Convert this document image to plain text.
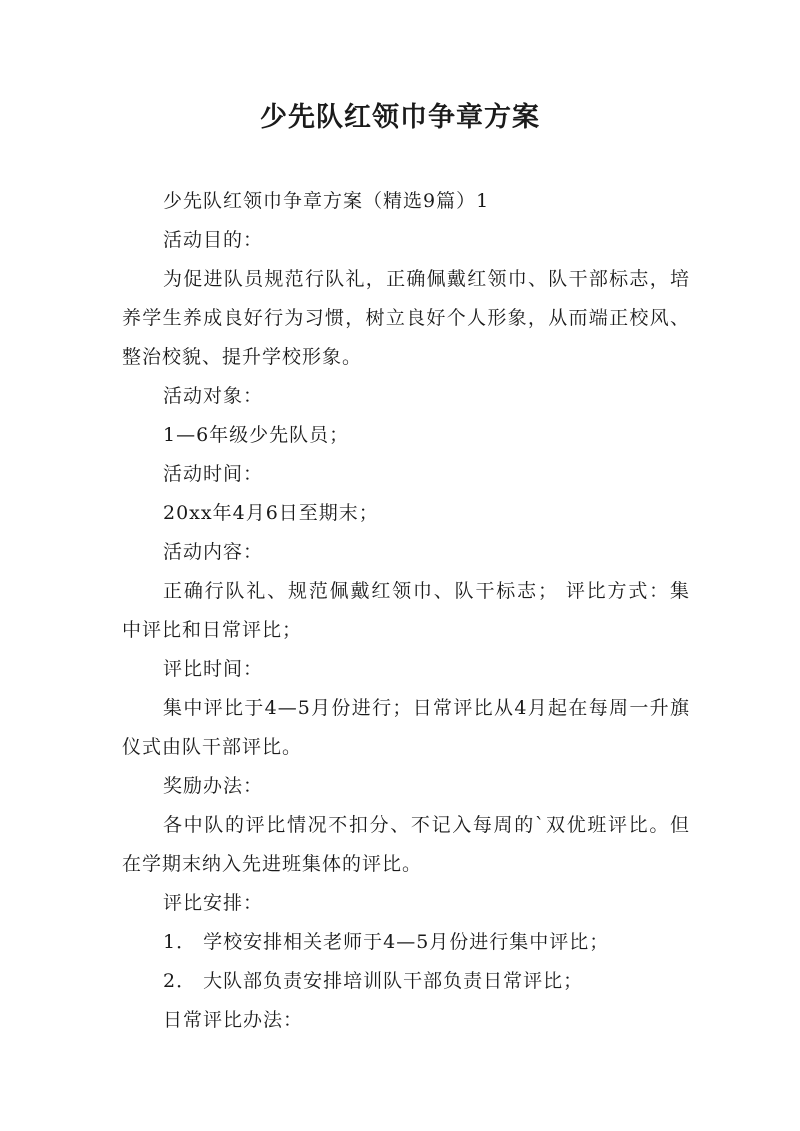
少先队红领巾争章方案

少先队红领巾争章方案（精选9篇）1

活动目的：

为促进队员规范行队礼，正确佩戴红领巾、队干部标志，培养学生养成良好行为习惯，树立良好个人形象，从而端正校风、整治校貌、提升学校形象。

活动对象：

1—6年级少先队员；

活动时间：

20xx年4月6日至期末；

活动内容：

正确行队礼、规范佩戴红领巾、队干标志； 评比方式：集中评比和日常评比；

评比时间：

集中评比于4—5月份进行；日常评比从4月起在每周一升旗仪式由队干部评比。

奖励办法：

各中队的评比情况不扣分、不记入每周的`双优班评比。但在学期末纳入先进班集体的评比。

评比安排：

1． 学校安排相关老师于4—5月份进行集中评比；

2． 大队部负责安排培训队干部负责日常评比；

日常评比办法：
